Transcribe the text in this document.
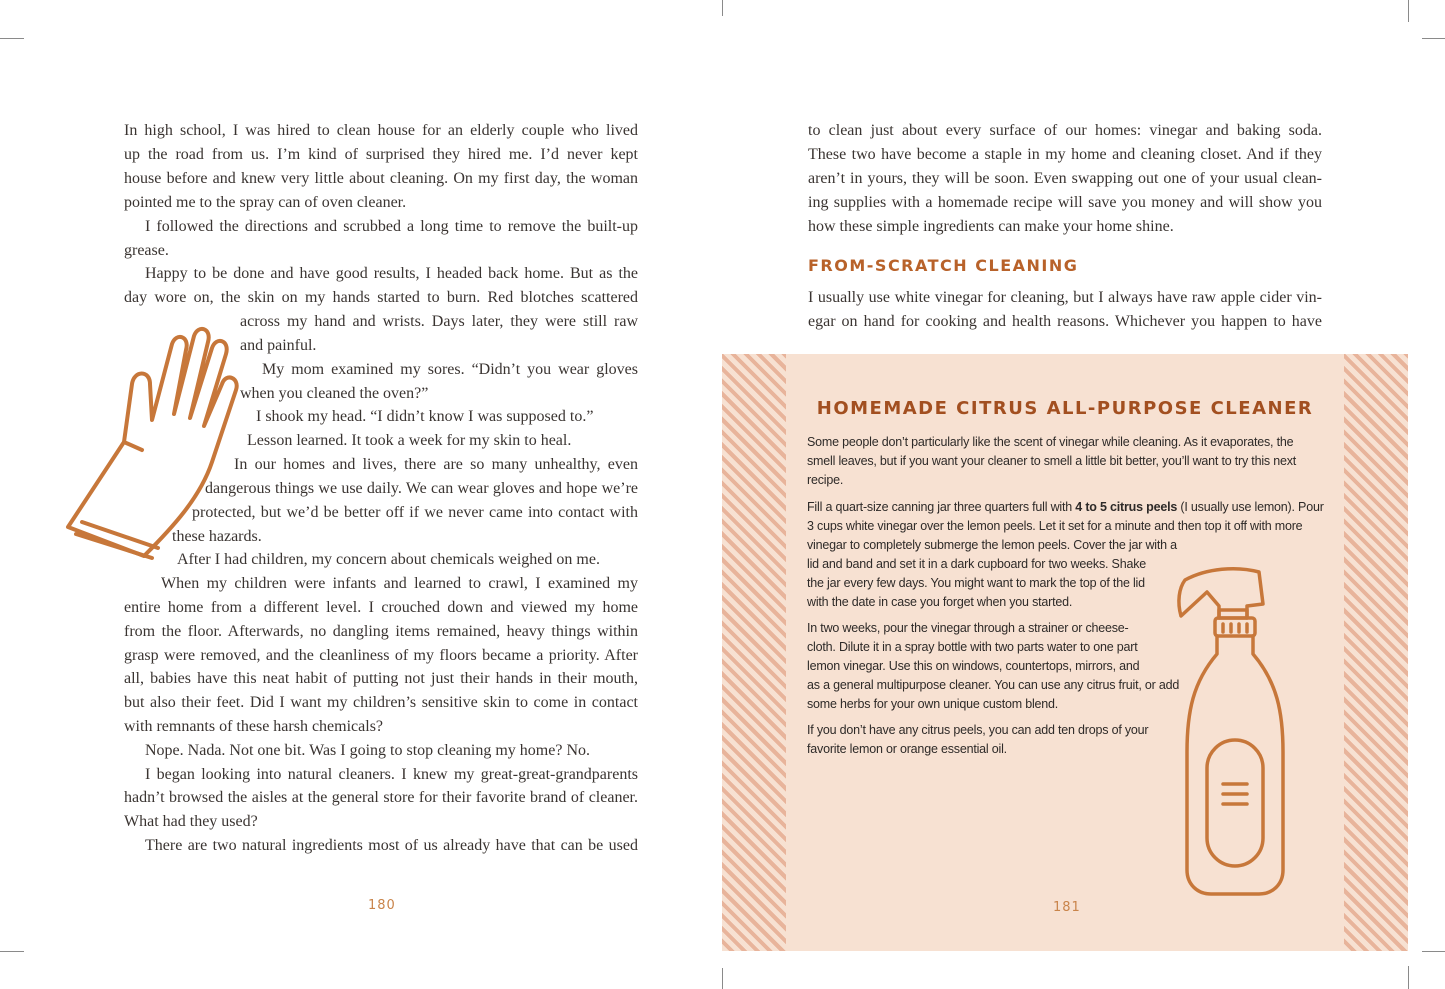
In high school, I was hired to clean house for an elderly couple who lived
up the road from us. I’m kind of surprised they hired me. I’d never kept
house before and knew very little about cleaning. On my first day, the woman
pointed me to the spray can of oven cleaner.
I followed the directions and scrubbed a long time to remove the built-up
grease.
Happy to be done and have good results, I headed back home. But as the
day wore on, the skin on my hands started to burn. Red blotches scattered
across my hand and wrists. Days later, they were still raw
and painful.
My mom examined my sores. “Didn’t you wear gloves
when you cleaned the oven?”
I shook my head. “I didn’t know I was supposed to.”
Lesson learned. It took a week for my skin to heal.
In our homes and lives, there are so many unhealthy, even
dangerous things we use daily. We can wear gloves and hope we’re
protected, but we’d be better off if we never came into contact with
these hazards.
After I had children, my concern about chemicals weighed on me.
When my children were infants and learned to crawl, I examined my
entire home from a different level. I crouched down and viewed my home
from the floor. Afterwards, no dangling items remained, heavy things within
grasp were removed, and the cleanliness of my floors became a priority. After
all, babies have this neat habit of putting not just their hands in their mouth,
but also their feet. Did I want my children’s sensitive skin to come in contact
with remnants of these harsh chemicals?
Nope. Nada. Not one bit. Was I going to stop cleaning my home? No.
I began looking into natural cleaners. I knew my great-great-grandparents
hadn’t browsed the aisles at the general store for their favorite brand of cleaner.
What had they used?
There are two natural ingredients most of us already have that can be used
180
to clean just about every surface of our homes: vinegar and baking soda.
These two have become a staple in my home and cleaning closet. And if they
aren’t in yours, they will be soon. Even swapping out one of your usual clean-
ing supplies with a homemade recipe will save you money and will show you
how these simple ingredients can make your home shine.
FROM-SCRATCH CLEANING
I usually use white vinegar for cleaning, but I always have raw apple cider vin-
egar on hand for cooking and health reasons. Whichever you happen to have
HOMEMADE CITRUS ALL-PURPOSE CLEANER
Some people don’t particularly like the scent of vinegar while cleaning. As it evaporates, the
smell leaves, but if you want your cleaner to smell a little bit better, you’ll want to try this next
recipe.
Fill a quart-size canning jar three quarters full with 4 to 5 citrus peels (I usually use lemon). Pour
3 cups white vinegar over the lemon peels. Let it set for a minute and then top it off with more
vinegar to completely submerge the lemon peels. Cover the jar with a
lid and band and set it in a dark cupboard for two weeks. Shake
the jar every few days. You might want to mark the top of the lid
with the date in case you forget when you started.
In two weeks, pour the vinegar through a strainer or cheese-
cloth. Dilute it in a spray bottle with two parts water to one part
lemon vinegar. Use this on windows, countertops, mirrors, and
as a general multipurpose cleaner. You can use any citrus fruit, or add
some herbs for your own unique custom blend.
If you don’t have any citrus peels, you can add ten drops of your
favorite lemon or orange essential oil.
181
